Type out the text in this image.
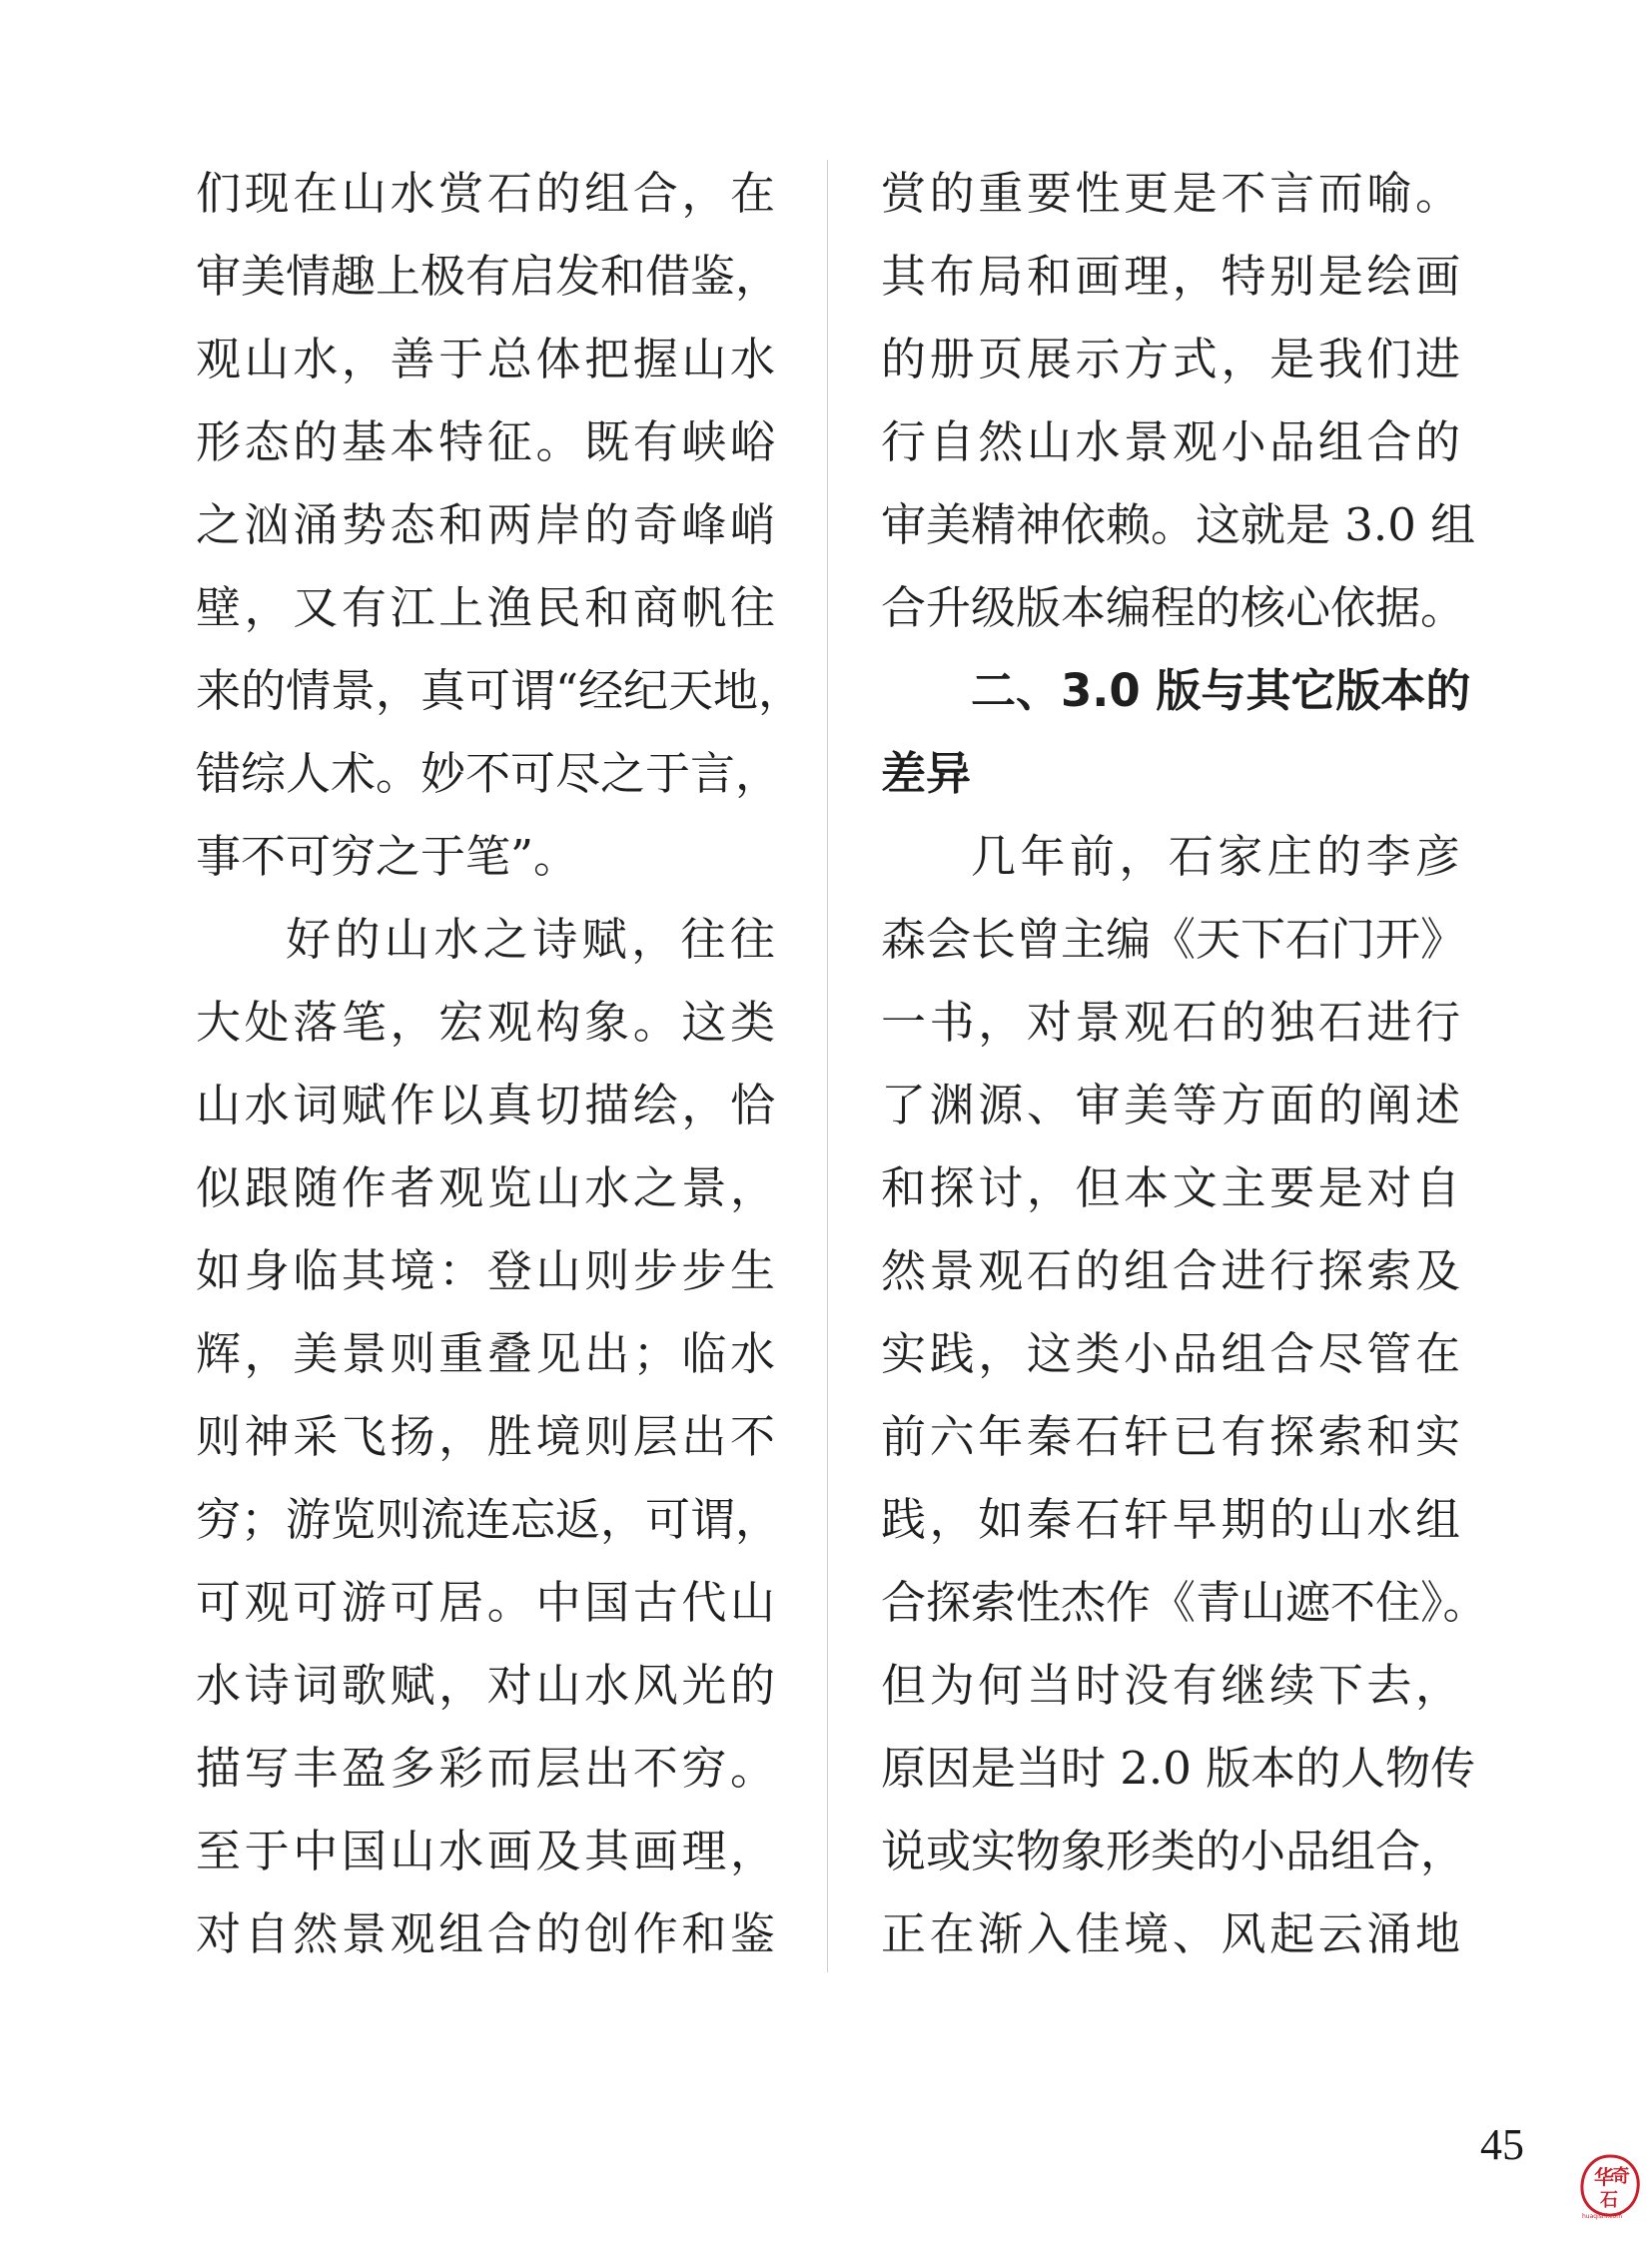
们现在山水赏石的组合，在
审美情趣上极有启发和借鉴，
观山水，善于总体把握山水
形态的基本特征。既有峡峪
之汹涌势态和两岸的奇峰峭
壁，又有江上渔民和商帆往
来的情景，真可谓“经纪天地，
错综人术。妙不可尽之于言，
事不可穷之于笔”。
好的山水之诗赋，往往
大处落笔，宏观构象。这类
山水词赋作以真切描绘，恰
似跟随作者观览山水之景，
如身临其境：登山则步步生
辉，美景则重叠见出；临水
则神采飞扬，胜境则层出不
穷；游览则流连忘返，可谓，
可观可游可居。中国古代山
水诗词歌赋，对山水风光的
描写丰盈多彩而层出不穷。
至于中国山水画及其画理，
对自然景观组合的创作和鉴
赏的重要性更是不言而喻。
其布局和画理，特别是绘画
的册页展示方式，是我们进
行自然山水景观小品组合的
审美精神依赖。这就是 3.0 组
合升级版本编程的核心依据。
二、3.0 版与其它版本的
差异
几年前，石家庄的李彦
森会长曾主编《天下石门开》
一书，对景观石的独石进行
了渊源、审美等方面的阐述
和探讨，但本文主要是对自
然景观石的组合进行探索及
实践，这类小品组合尽管在
前六年秦石轩已有探索和实
践，如秦石轩早期的山水组
合探索性杰作《青山遮不住》。
但为何当时没有继续下去，
原因是当时 2.0 版本的人物传
说或实物象形类的小品组合，
正在渐入佳境、风起云涌地
45
华
奇
石
huaqishi.com
